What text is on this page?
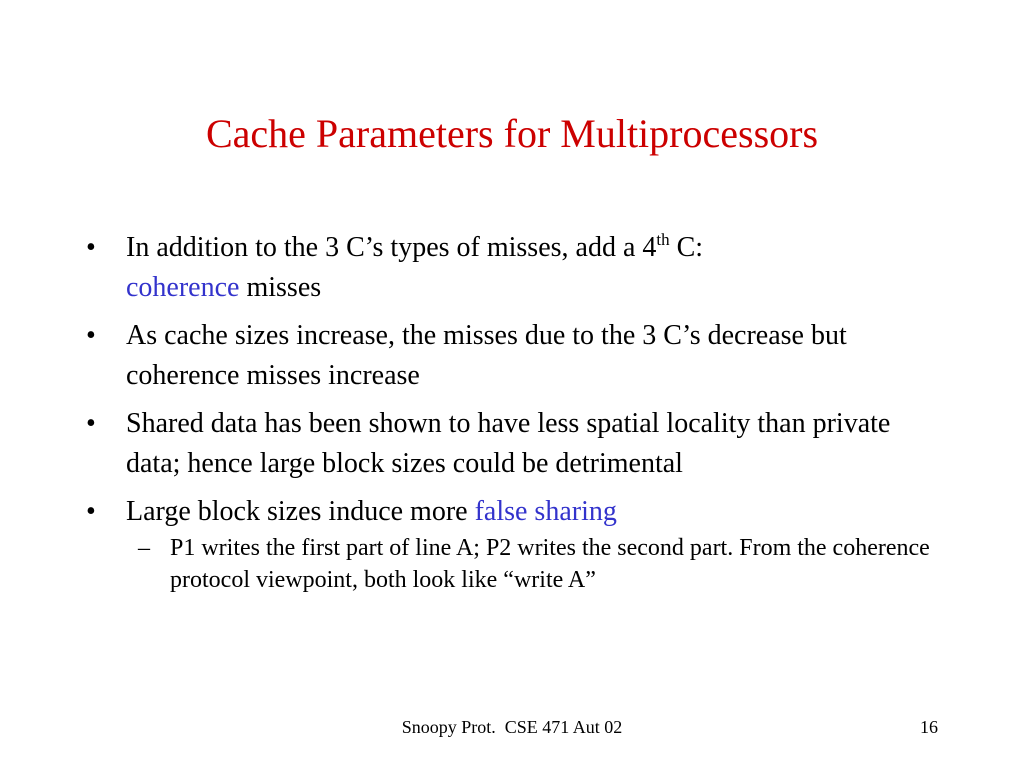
Cache Parameters for Multiprocessors
•	In addition to the 3 C’s types of misses, add a 4th C:
coherence misses
•	As cache sizes increase, the misses due to the 3 C’s decrease but coherence misses increase
•	Shared data has been shown to have less spatial locality than private data; hence large block sizes could be detrimental
•	Large block sizes induce more false sharing
– P1 writes the first part of line A; P2 writes the second part. From the coherence protocol viewpoint, both look like “write A”
Snoopy Prot.  CSE 471 Aut 02	16
